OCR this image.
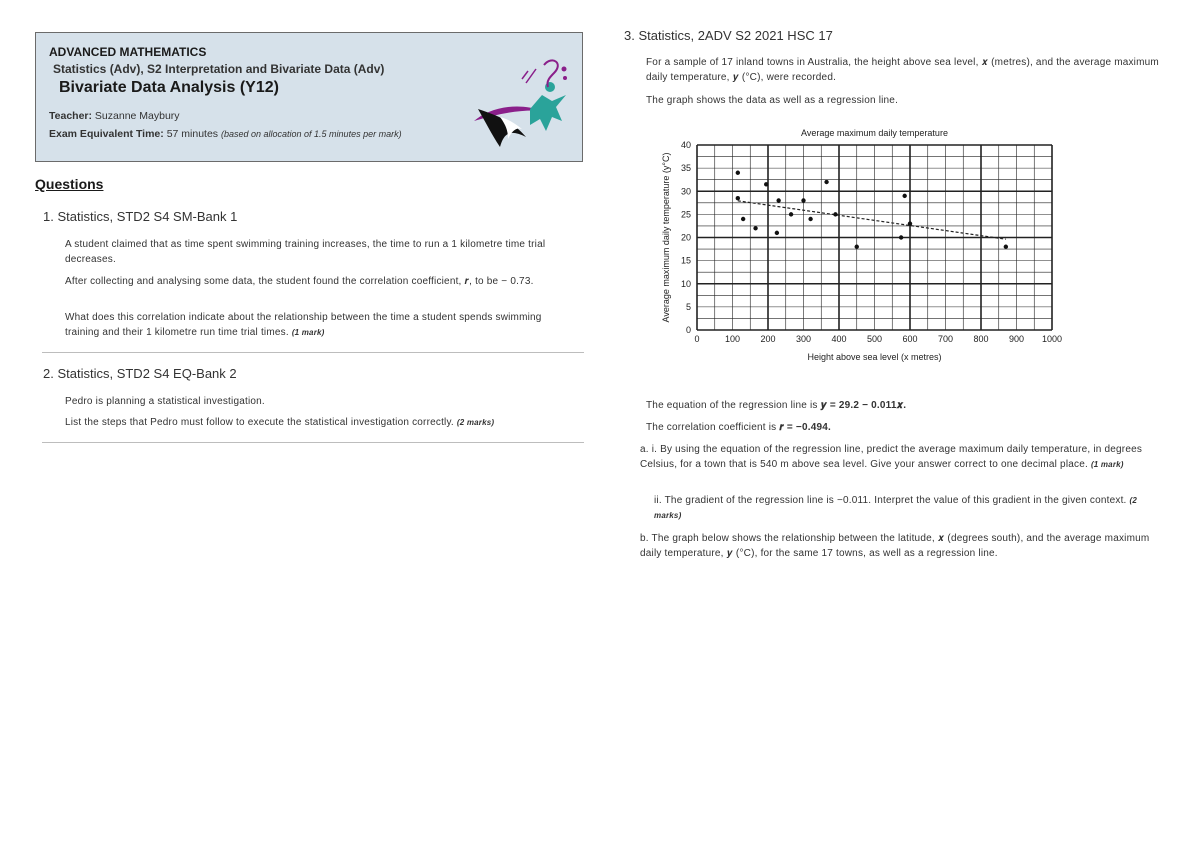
ADVANCED MATHEMATICS
Statistics (Adv), S2 Interpretation and Bivariate Data (Adv)
Bivariate Data Analysis (Y12)
Teacher: Suzanne Maybury
Exam Equivalent Time: 57 minutes (based on allocation of 1.5 minutes per mark)
Questions
1. Statistics, STD2 S4 SM-Bank 1
A student claimed that as time spent swimming training increases, the time to run a 1 kilometre time trial decreases.
After collecting and analysing some data, the student found the correlation coefficient, 𝒓, to be − 0.73.
What does this correlation indicate about the relationship between the time a student spends swimming training and their 1 kilometre run time trial times. (1 mark)
2. Statistics, STD2 S4 EQ-Bank 2
Pedro is planning a statistical investigation.
List the steps that Pedro must follow to execute the statistical investigation correctly. (2 marks)
3. Statistics, 2ADV S2 2021 HSC 17
For a sample of 17 inland towns in Australia, the height above sea level, 𝒙 (metres), and the average maximum daily temperature, 𝒚 (°C), were recorded.
The graph shows the data as well as a regression line.
0	100 200 300 400 500 600 700 800 900 1000
0
5
10
15
20
25
30
35
40
Average maximum daily temperature
Height above sea level (x metres)
Average maximum daily temperature (y°C)
The equation of the regression line is 𝒚 = 29.2 − 0.011𝒙.
The correlation coefficient is 𝒓 = −0.494.
a. i. By using the equation of the regression line, predict the average maximum daily temperature, in degrees Celsius, for a town that is 540 m above sea level. Give your answer correct to one decimal place. (1 mark)
ii. The gradient of the regression line is −0.011. Interpret the value of this gradient in the given context. (2 marks)
b. The graph below shows the relationship between the latitude, 𝒙 (degrees south), and the average maximum daily temperature, 𝒚 (°C), for the same 17 towns, as well as a regression line.
